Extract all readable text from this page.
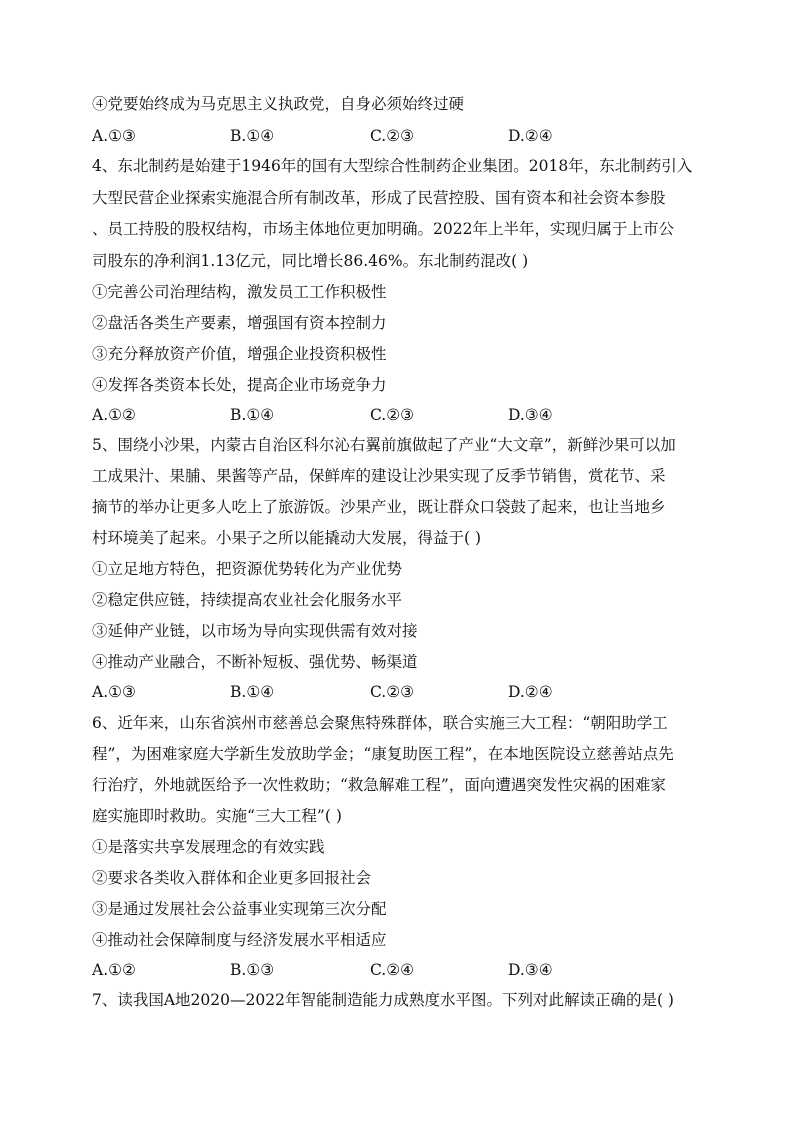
④党要始终成为马克思主义执政党，自身必须始终过硬
A.①③	B.①④	C.②③	D.②④
4、东北制药是始建于1946年的国有大型综合性制药企业集团。2018年，东北制药引入
大型民营企业探索实施混合所有制改革，形成了民营控股、国有资本和社会资本参股
、员工持股的股权结构，市场主体地位更加明确。2022年上半年，实现归属于上市公
司股东的净利润1.13亿元，同比增长86.46%。东北制药混改( )
①完善公司治理结构，激发员工工作积极性
②盘活各类生产要素，增强国有资本控制力
③充分释放资产价值，增强企业投资积极性
④发挥各类资本长处，提高企业市场竞争力
A.①②	B.①④	C.②③	D.③④
5、围绕小沙果，内蒙古自治区科尔沁右翼前旗做起了产业“大文章”，新鲜沙果可以加
工成果汁、果脯、果酱等产品，保鲜库的建设让沙果实现了反季节销售，赏花节、采
摘节的举办让更多人吃上了旅游饭。沙果产业，既让群众口袋鼓了起来，也让当地乡
村环境美了起来。小果子之所以能撬动大发展，得益于( )
①立足地方特色，把资源优势转化为产业优势
②稳定供应链，持续提高农业社会化服务水平
③延伸产业链，以市场为导向实现供需有效对接
④推动产业融合，不断补短板、强优势、畅渠道
A.①③	B.①④	C.②③	D.②④
6、近年来，山东省滨州市慈善总会聚焦特殊群体，联合实施三大工程：“朝阳助学工
程”，为困难家庭大学新生发放助学金；“康复助医工程”，在本地医院设立慈善站点先
行治疗，外地就医给予一次性救助；“救急解难工程”，面向遭遇突发性灾祸的困难家
庭实施即时救助。实施“三大工程”( )
①是落实共享发展理念的有效实践
②要求各类收入群体和企业更多回报社会
③是通过发展社会公益事业实现第三次分配
④推动社会保障制度与经济发展水平相适应
A.①②	B.①③	C.②④	D.③④
7、读我国A地2020—2022年智能制造能力成熟度水平图。下列对此解读正确的是( )
